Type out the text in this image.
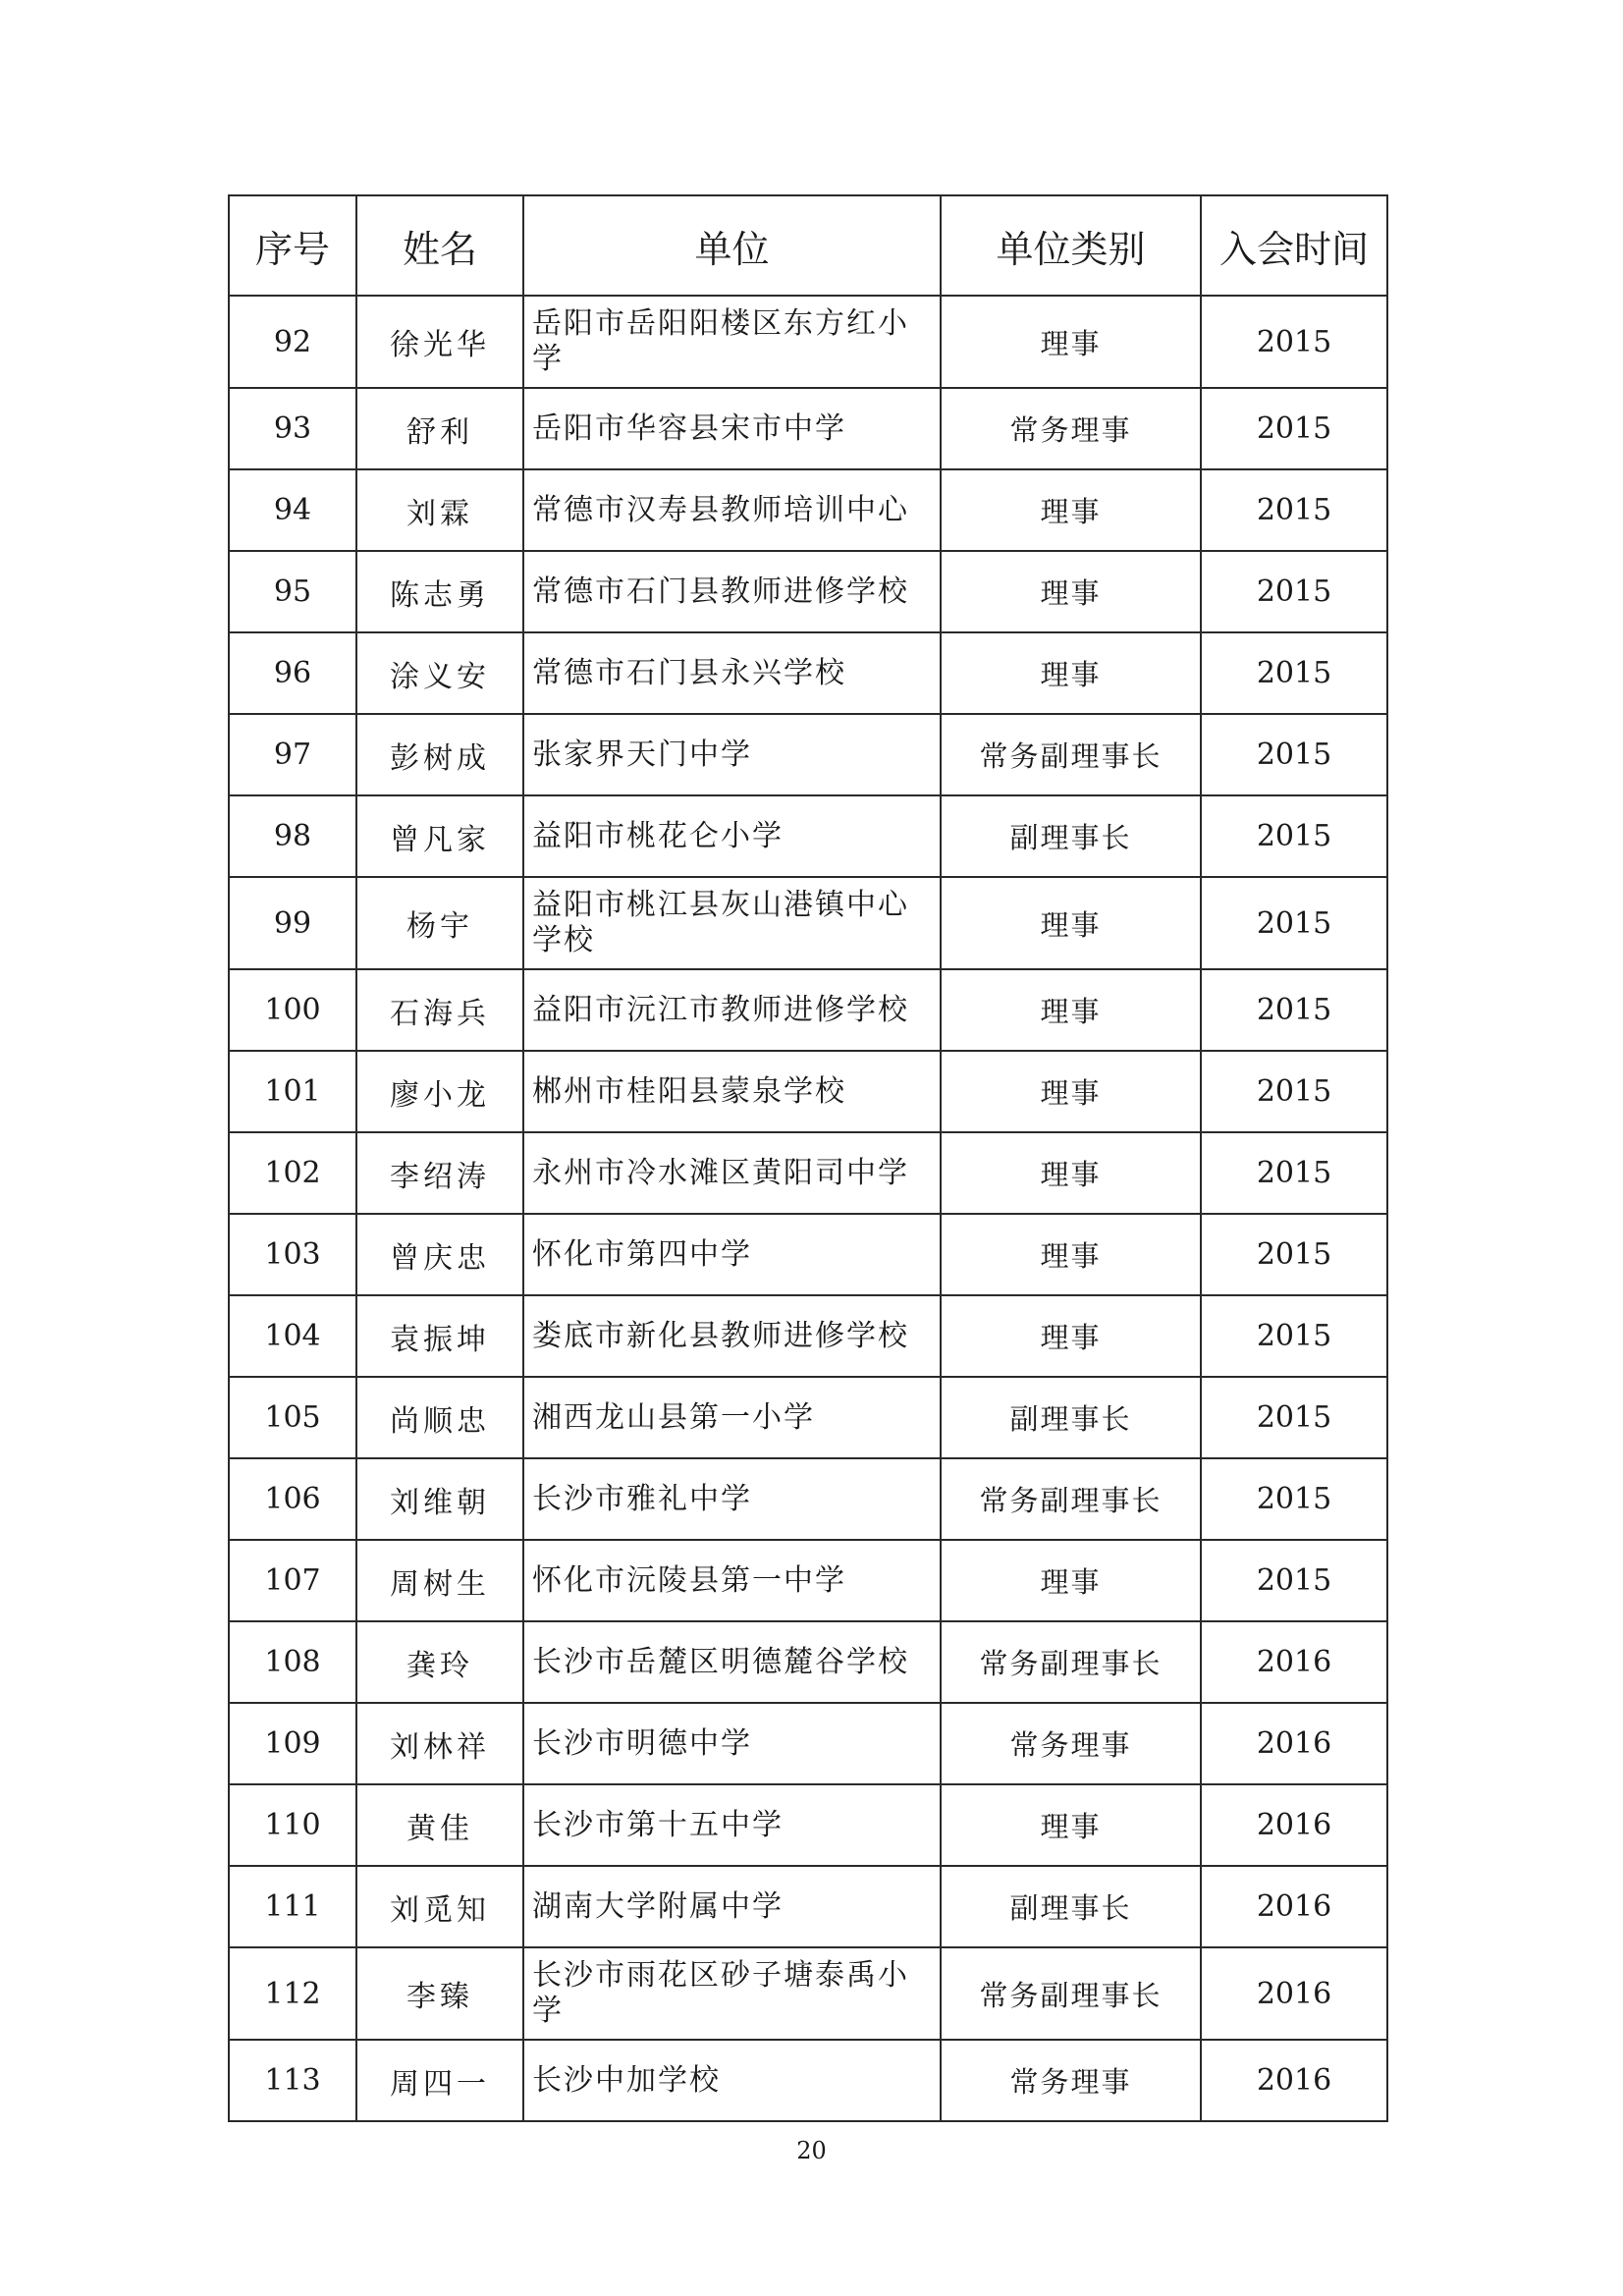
序号	姓名	单位	单位类别	入会时间
92	徐光华	岳阳市岳阳阳楼区东方红小学	理事	2015
93	舒利	岳阳市华容县宋市中学	常务理事	2015
94	刘霖	常德市汉寿县教师培训中心	理事	2015
95	陈志勇	常德市石门县教师进修学校	理事	2015
96	涂义安	常德市石门县永兴学校	理事	2015
97	彭树成	张家界天门中学	常务副理事长	2015
98	曾凡家	益阳市桃花仑小学	副理事长	2015
99	杨宇	益阳市桃江县灰山港镇中心学校	理事	2015
100	石海兵	益阳市沅江市教师进修学校	理事	2015
101	廖小龙	郴州市桂阳县蒙泉学校	理事	2015
102	李绍涛	永州市冷水滩区黄阳司中学	理事	2015
103	曾庆忠	怀化市第四中学	理事	2015
104	袁振坤	娄底市新化县教师进修学校	理事	2015
105	尚顺忠	湘西龙山县第一小学	副理事长	2015
106	刘维朝	长沙市雅礼中学	常务副理事长	2015
107	周树生	怀化市沅陵县第一中学	理事	2015
108	龚玲	长沙市岳麓区明德麓谷学校	常务副理事长	2016
109	刘林祥	长沙市明德中学	常务理事	2016
110	黄佳	长沙市第十五中学	理事	2016
111	刘觅知	湖南大学附属中学	副理事长	2016
112	李臻	长沙市雨花区砂子塘泰禹小学	常务副理事长	2016
113	周四一	长沙中加学校	常务理事	2016
20
